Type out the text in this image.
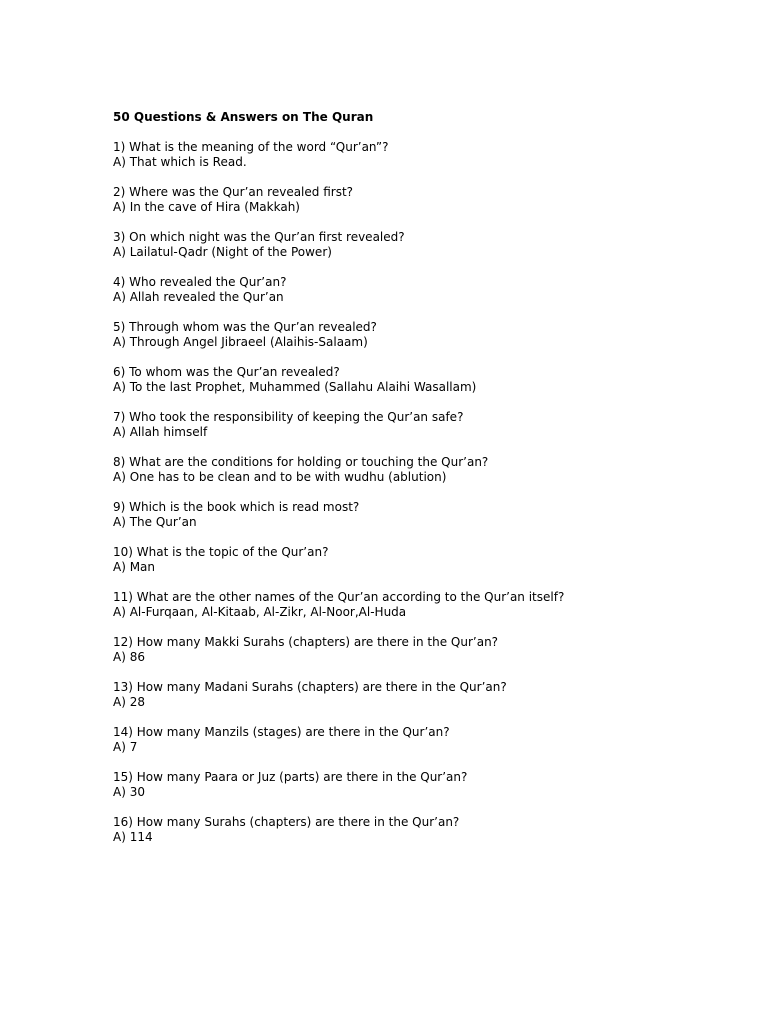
50 Questions & Answers on The Quran
1) What is the meaning of the word “Qur’an”?
A) That which is Read.
2) Where was the Qur’an revealed first?
A) In the cave of Hira (Makkah)
3) On which night was the Qur’an first revealed?
A) Lailatul-Qadr (Night of the Power)
4) Who revealed the Qur’an?
A) Allah revealed the Qur’an
5) Through whom was the Qur’an revealed?
A) Through Angel Jibraeel (Alaihis-Salaam)
6) To whom was the Qur’an revealed?
A) To the last Prophet, Muhammed (Sallahu Alaihi Wasallam)
7) Who took the responsibility of keeping the Qur’an safe?
A) Allah himself
8) What are the conditions for holding or touching the Qur’an?
A) One has to be clean and to be with wudhu (ablution)
9) Which is the book which is read most?
A) The Qur’an
10) What is the topic of the Qur’an?
A) Man
11) What are the other names of the Qur’an according to the Qur’an itself?
A) Al-Furqaan, Al-Kitaab, Al-Zikr, Al-Noor,Al-Huda
12) How many Makki Surahs (chapters) are there in the Qur’an?
A) 86
13) How many Madani Surahs (chapters) are there in the Qur’an?
A) 28
14) How many Manzils (stages) are there in the Qur’an?
A) 7
15) How many Paara or Juz (parts) are there in the Qur’an?
A) 30
16) How many Surahs (chapters) are there in the Qur’an?
A) 114
